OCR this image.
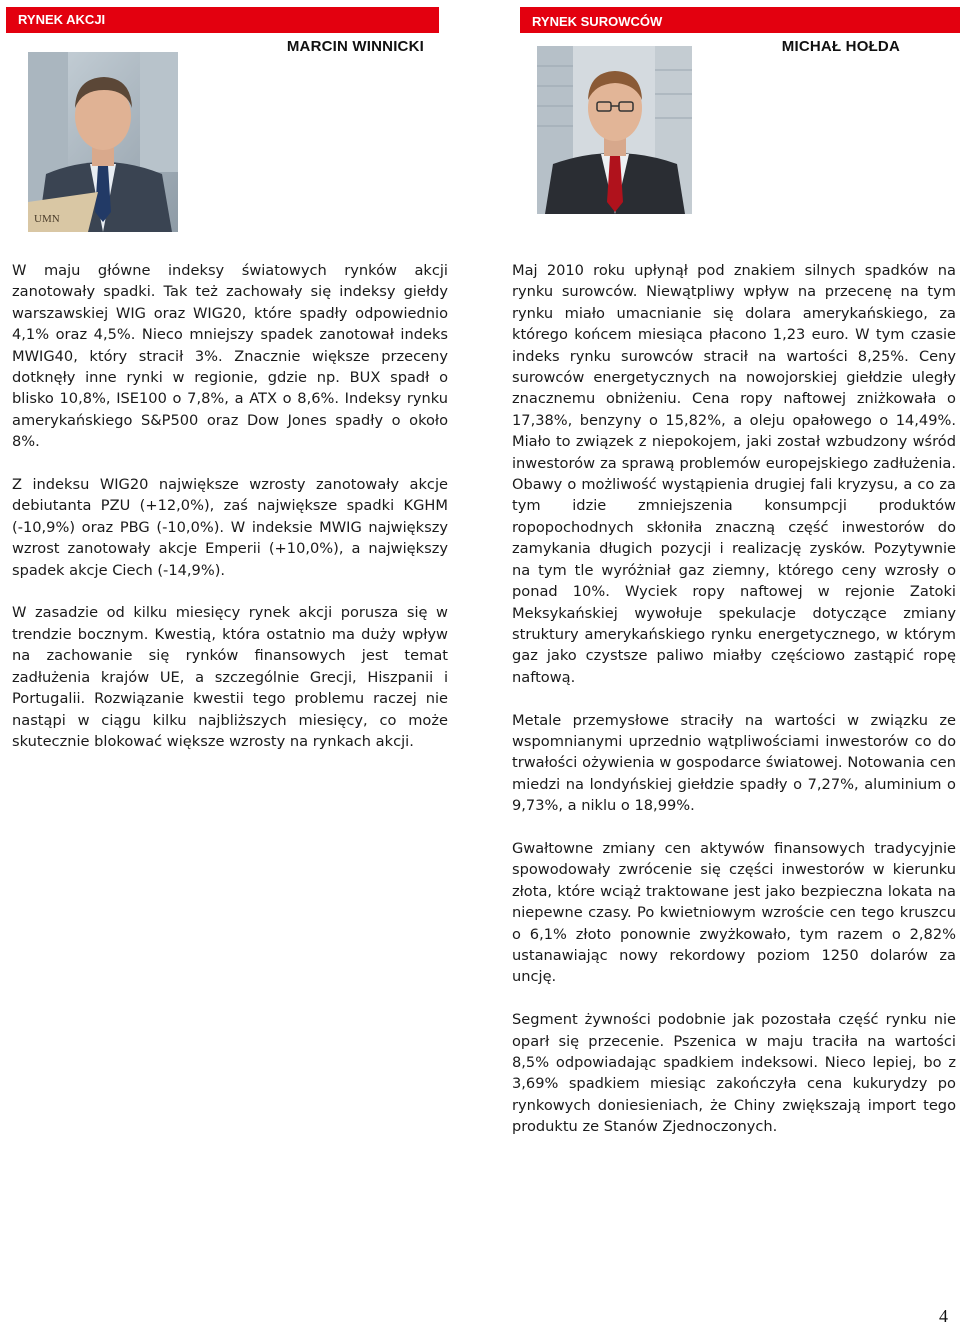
RYNEK AKCJI
MARCIN WINNICKI
UMN

W maju główne indeksy światowych rynków akcji zanotowały spadki. Tak też zachowały się indeksy giełdy warszawskiej WIG oraz WIG20, które spadły odpowiednio 4,1% oraz 4,5%. Nieco mniejszy spadek zanotował indeks MWIG40, który stracił 3%. Znacznie większe przeceny dotknęły inne rynki w regionie, gdzie np. BUX spadł o blisko 10,8%, ISE100 o 7,8%, a ATX o 8,6%. Indeksy rynku amerykańskiego S&P500 oraz Dow Jones spadły o około 8%.

Z indeksu WIG20 największe wzrosty zanotowały akcje debiutanta PZU (+12,0%), zaś największe spadki KGHM (-10,9%) oraz PBG (-10,0%). W indeksie MWIG największy wzrost zanotowały akcje Emperii (+10,0%), a największy spadek akcje Ciech (-14,9%).

W zasadzie od kilku miesięcy rynek akcji porusza się w trendzie bocznym. Kwestią, która ostatnio ma duży wpływ na zachowanie się rynków finansowych jest temat zadłużenia krajów UE, a szczególnie Grecji, Hiszpanii i Portugalii. Rozwiązanie kwestii tego problemu raczej nie nastąpi w ciągu kilku najbliższych miesięcy, co może skutecznie blokować większe wzrosty na rynkach akcji.

RYNEK SUROWCÓW
MICHAŁ HOŁDA

Maj 2010 roku upłynął pod znakiem silnych spadków na rynku surowców. Niewątpliwy wpływ na przecenę na tym rynku miało umacnianie się dolara amerykańskiego, za którego końcem miesiąca płacono 1,23 euro. W tym czasie indeks rynku surowców stracił na wartości 8,25%. Ceny surowców energetycznych na nowojorskiej giełdzie uległy znacznemu obniżeniu. Cena ropy naftowej zniżkowała o 17,38%, benzyny o 15,82%, a oleju opałowego o 14,49%. Miało to związek z niepokojem, jaki został wzbudzony wśród inwestorów za sprawą problemów europejskiego zadłużenia. Obawy o możliwość wystąpienia drugiej fali kryzysu, a co za tym idzie zmniejszenia konsumpcji produktów ropopochodnych skłoniła znaczną część inwestorów do zamykania długich pozycji i realizację zysków. Pozytywnie na tym tle wyróżniał gaz ziemny, którego ceny wzrosły o ponad 10%. Wyciek ropy naftowej w rejonie Zatoki Meksykańskiej wywołuje spekulacje dotyczące zmiany struktury amerykańskiego rynku energetycznego, w którym gaz jako czystsze paliwo miałby częściowo zastąpić ropę naftową.

Metale przemysłowe straciły na wartości w związku ze wspomnianymi uprzednio wątpliwościami inwestorów co do trwałości ożywienia w gospodarce światowej. Notowania cen miedzi na londyńskiej giełdzie spadły o 7,27%, aluminium o 9,73%, a niklu o 18,99%.

Gwałtowne zmiany cen aktywów finansowych tradycyjnie spowodowały zwrócenie się części inwestorów w kierunku złota, które wciąż traktowane jest jako bezpieczna lokata na niepewne czasy. Po kwietniowym wzroście cen tego kruszcu o 6,1% złoto ponownie zwyżkowało, tym razem o 2,82% ustanawiając nowy rekordowy poziom 1250 dolarów za uncję.

Segment żywności podobnie jak pozostała część rynku nie oparł się przecenie. Pszenica w maju traciła na wartości 8,5% odpowiadając spadkiem indeksowi. Nieco lepiej, bo z 3,69% spadkiem miesiąc zakończyła cena kukurydzy po rynkowych doniesieniach, że Chiny zwiększają import tego produktu ze Stanów Zjednoczonych.

4
